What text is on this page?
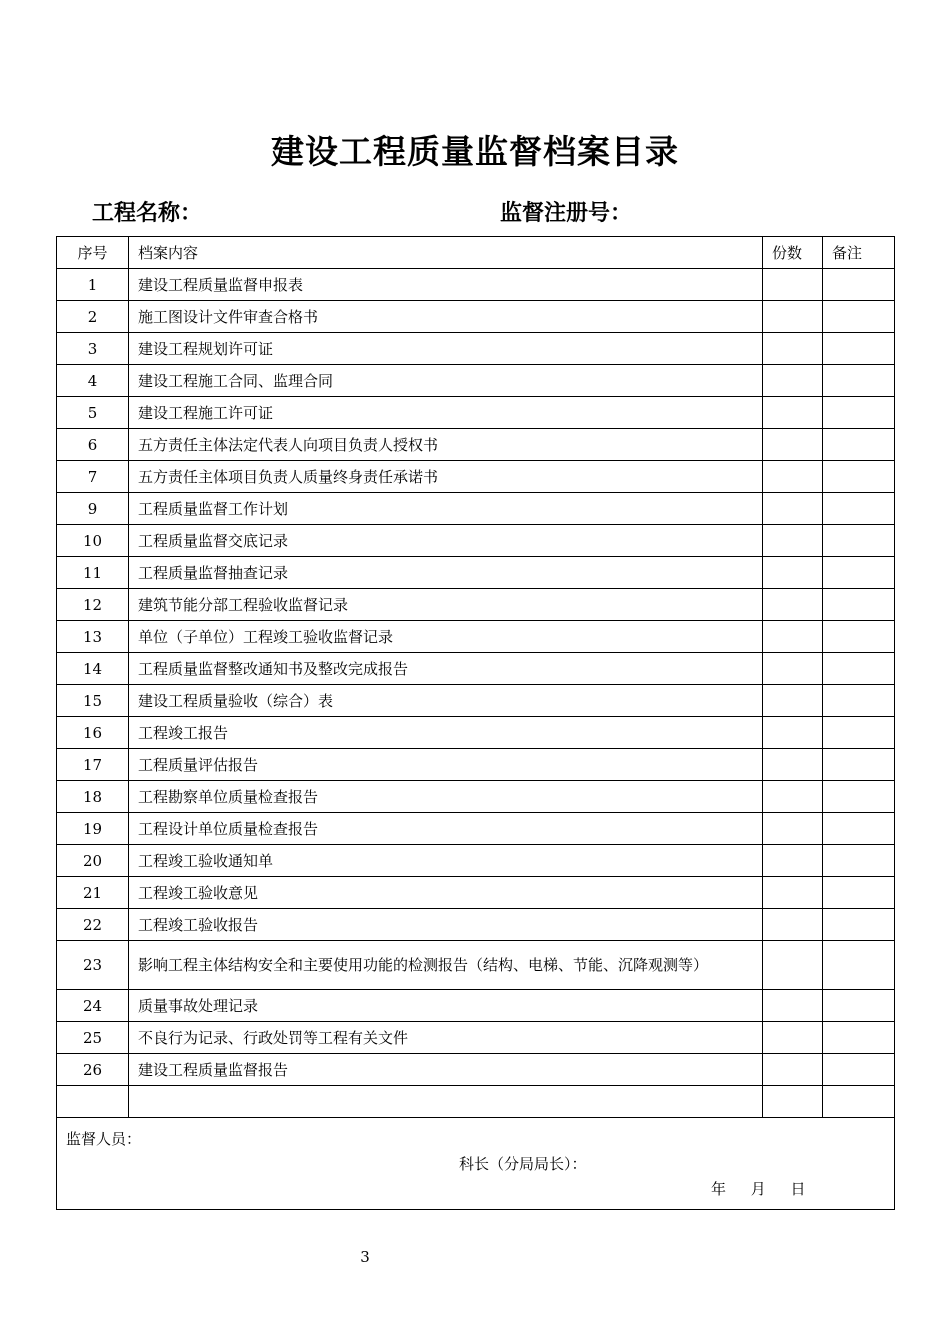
建设工程质量监督档案目录
工程名称：	监督注册号：
序号	档案内容	份数	备注
1	建设工程质量监督申报表		
2	施工图设计文件审查合格书		
3	建设工程规划许可证		
4	建设工程施工合同、监理合同		
5	建设工程施工许可证		
6	五方责任主体法定代表人向项目负责人授权书		
7	五方责任主体项目负责人质量终身责任承诺书		
9	工程质量监督工作计划		
10	工程质量监督交底记录		
11	工程质量监督抽查记录		
12	建筑节能分部工程验收监督记录		
13	单位（子单位）工程竣工验收监督记录		
14	工程质量监督整改通知书及整改完成报告		
15	建设工程质量验收（综合）表		
16	工程竣工报告		
17	工程质量评估报告		
18	工程勘察单位质量检查报告		
19	工程设计单位质量检查报告		
20	工程竣工验收通知单		
21	工程竣工验收意见		
22	工程竣工验收报告		
23	影响工程主体结构安全和主要使用功能的检测报告（结构、电梯、节能、沉降观测等）		
24	质量事故处理记录		
25	不良行为记录、行政处罚等工程有关文件		
26	建设工程质量监督报告		

监督人员：
科长（分局局长）：
年 月 日			
3
